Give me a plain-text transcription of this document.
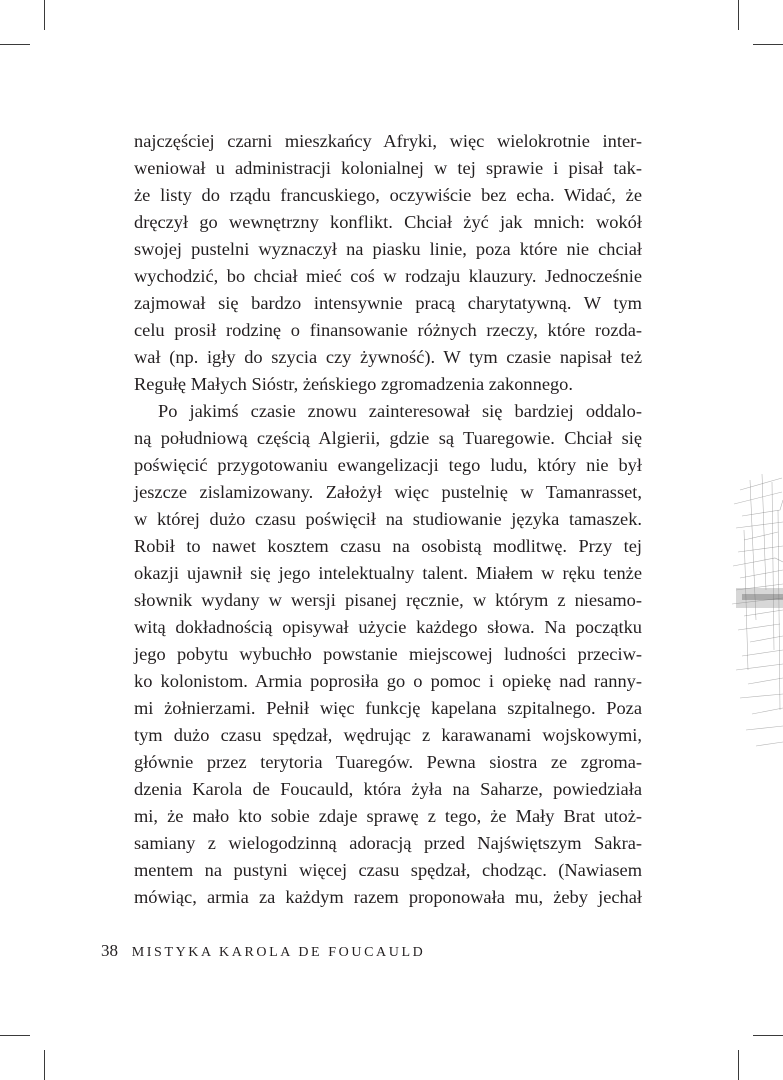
najczęściej czarni mieszkańcy Afryki, więc wielokrotnie inter-
weniował u administracji kolonialnej w tej sprawie i pisał tak-
że listy do rządu francuskiego, oczywiście bez echa. Widać, że
dręczył go wewnętrzny konflikt. Chciał żyć jak mnich: wokół
swojej pustelni wyznaczył na piasku linie, poza które nie chciał
wychodzić, bo chciał mieć coś w rodzaju klauzury. Jednocześnie
zajmował się bardzo intensywnie pracą charytatywną. W tym
celu prosił rodzinę o finansowanie różnych rzeczy, które rozda-
wał (np. igły do szycia czy żywność). W tym czasie napisał też
Regułę Małych Sióstr, żeńskiego zgromadzenia zakonnego.
Po jakimś czasie znowu zainteresował się bardziej oddalo-
ną południową częścią Algierii, gdzie są Tuaregowie. Chciał się
poświęcić przygotowaniu ewangelizacji tego ludu, który nie był
jeszcze zislamizowany. Założył więc pustelnię w Tamanrasset,
w której dużo czasu poświęcił na studiowanie języka tamaszek.
Robił to nawet kosztem czasu na osobistą modlitwę. Przy tej
okazji ujawnił się jego intelektualny talent. Miałem w ręku tenże
słownik wydany w wersji pisanej ręcznie, w którym z niesamo-
witą dokładnością opisywał użycie każdego słowa. Na początku
jego pobytu wybuchło powstanie miejscowej ludności przeciw-
ko kolonistom. Armia poprosiła go o pomoc i opiekę nad ranny-
mi żołnierzami. Pełnił więc funkcję kapelana szpitalnego. Poza
tym dużo czasu spędzał, wędrując z karawanami wojskowymi,
głównie przez terytoria Tuaregów. Pewna siostra ze zgroma-
dzenia Karola de Foucauld, która żyła na Saharze, powiedziała
mi, że mało kto sobie zdaje sprawę z tego, że Mały Brat utoż-
samiany z wielogodzinną adoracją przed Najświętszym Sakra-
mentem na pustyni więcej czasu spędzał, chodząc. (Nawiasem
mówiąc, armia za każdym razem proponowała mu, żeby jechał
38 MISTYKA KAROLA DE FOUCAULD
